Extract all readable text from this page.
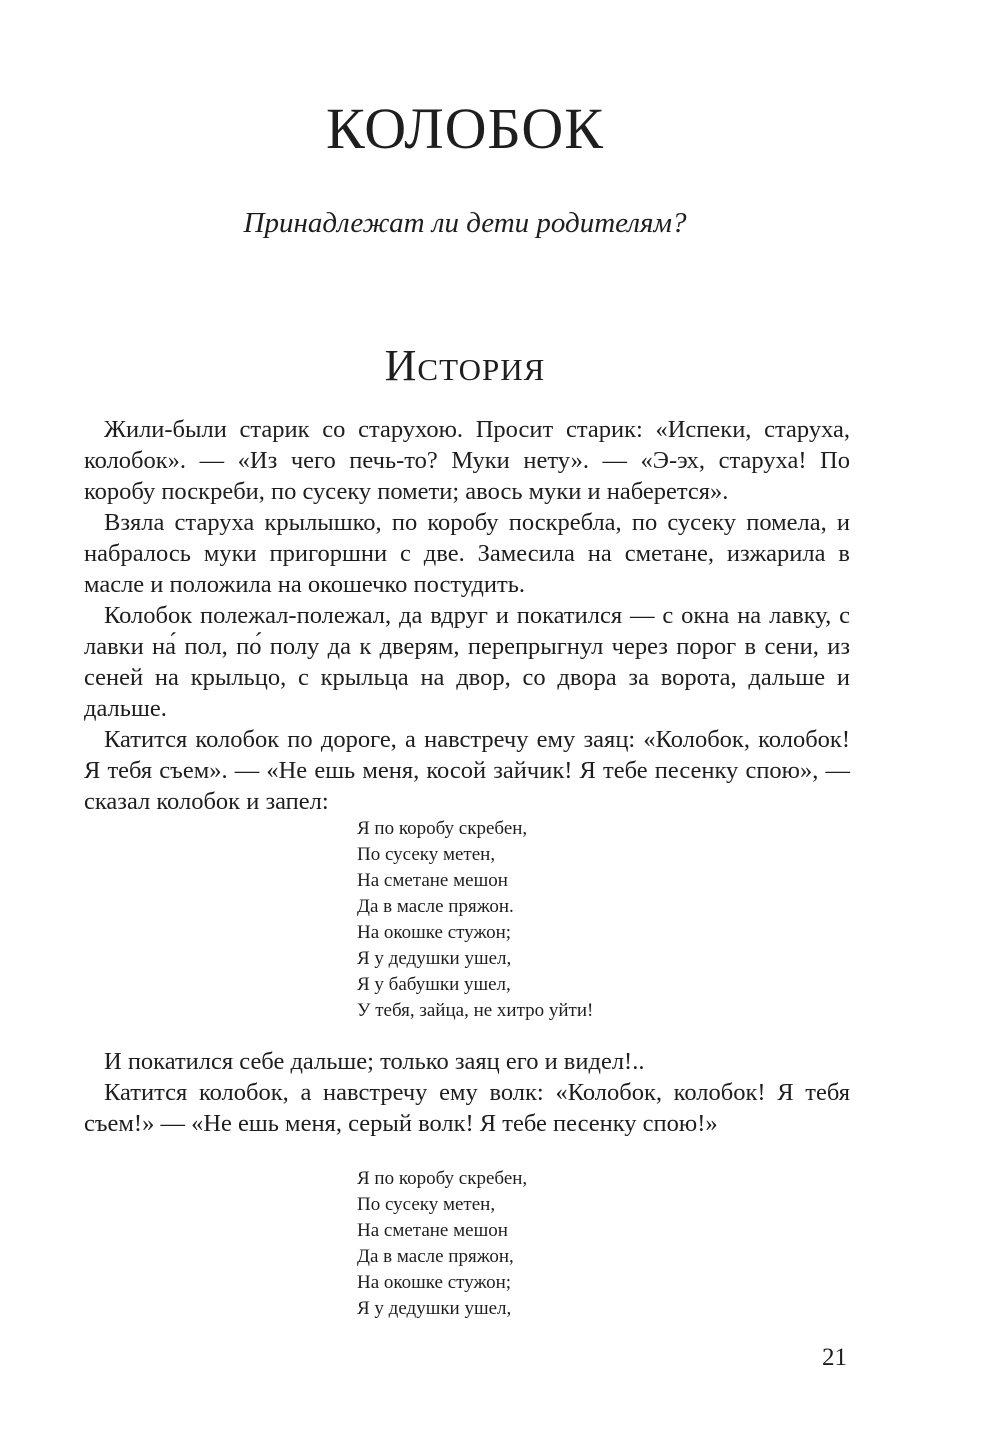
КОЛОБОК
Принадлежат ли дети родителям?
История

Жили-были старик со старухою. Просит старик: «Испеки, старуха, колобок». — «Из чего печь-то? Муки нету». — «Э-эх, старуха! По коробу поскреби, по сусеку помети; авось муки и наберется».

Взяла старуха крылышко, по коробу поскребла, по сусеку помела, и набралось муки пригоршни с две. Замесила на сметане, изжарила в масле и положила на окошечко постудить.

Колобок полежал-полежал, да вдруг и покатился — с окна на лавку, с лавки на́ пол, по́ полу да к дверям, перепрыгнул через порог в сени, из сеней на крыльцо, с крыльца на двор, со двора за ворота, дальше и дальше.

Катится колобок по дороге, а навстречу ему заяц: «Колобок, колобок! Я тебя съем». — «Не ешь меня, косой зайчик! Я тебе песенку спою», — сказал колобок и запел:

Я по коробу скребен,
По сусеку метен,
На сметане мешон
Да в масле пряжон.
На окошке стужон;
Я у дедушки ушел,
Я у бабушки ушел,
У тебя, зайца, не хитро уйти!

И покатился себе дальше; только заяц его и видел!..

Катится колобок, а навстречу ему волк: «Колобок, колобок! Я тебя съем!» — «Не ешь меня, серый волк! Я тебе песенку спою!»

Я по коробу скребен,
По сусеку метен,
На сметане мешон
Да в масле пряжон,
На окошке стужон;
Я у дедушки ушел,
21
